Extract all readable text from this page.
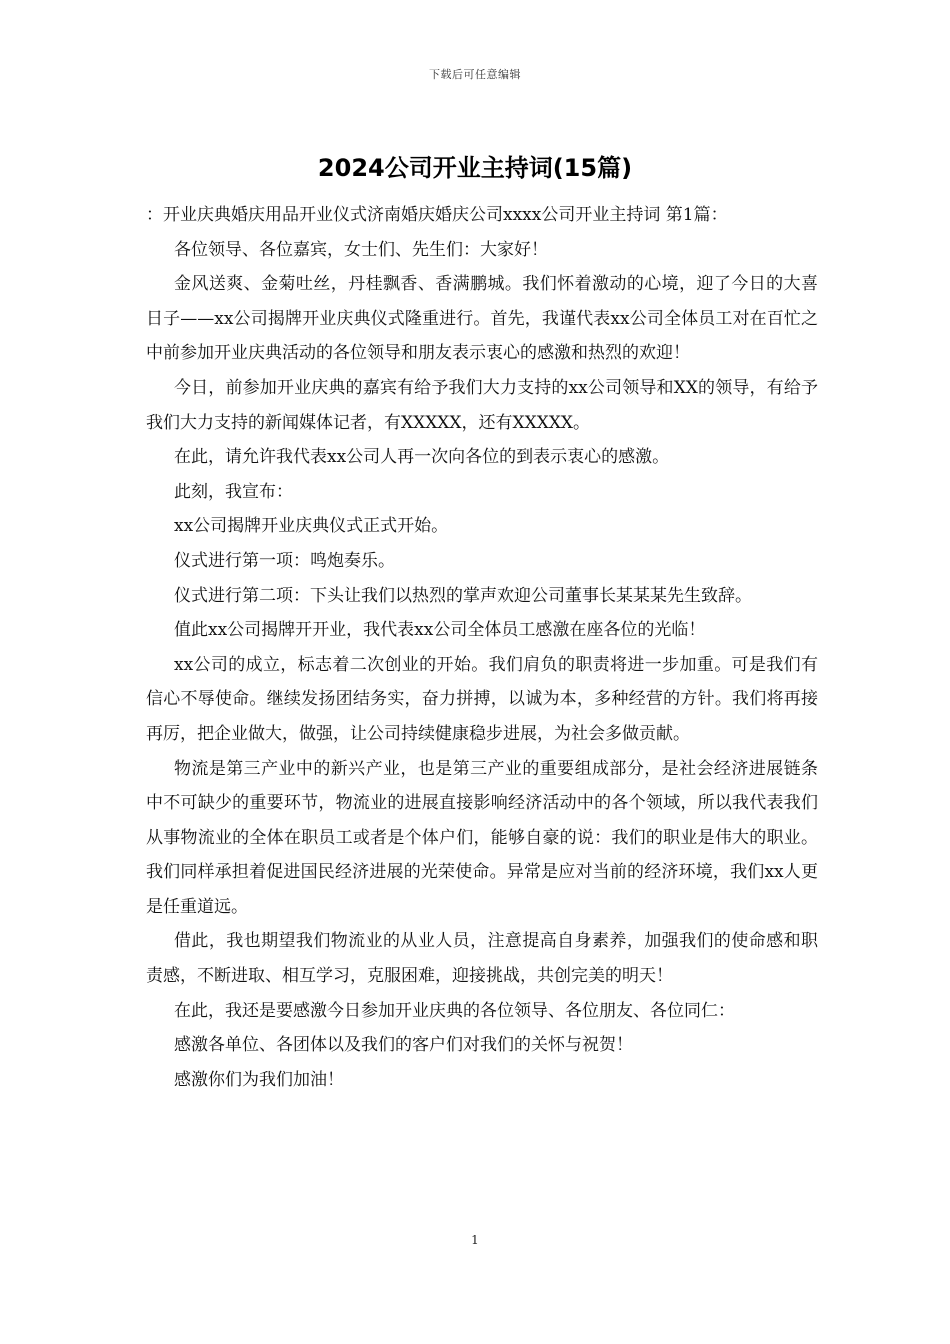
下载后可任意编辑
2024公司开业主持词(15篇)

：开业庆典婚庆用品开业仪式济南婚庆婚庆公司xxxx公司开业主持词 第1篇：

各位领导、各位嘉宾，女士们、先生们：大家好！

金风送爽、金菊吐丝，丹桂飘香、香满鹏城。我们怀着激动的心境，迎了今日的大喜日子——xx公司揭牌开业庆典仪式隆重进行。首先，我谨代表xx公司全体员工对在百忙之中前参加开业庆典活动的各位领导和朋友表示衷心的感激和热烈的欢迎！

今日，前参加开业庆典的嘉宾有给予我们大力支持的xx公司领导和XX的领导，有给予我们大力支持的新闻媒体记者，有XXXXX，还有XXXXX。

在此，请允许我代表xx公司人再一次向各位的到表示衷心的感激。

此刻，我宣布：

xx公司揭牌开业庆典仪式正式开始。

仪式进行第一项：鸣炮奏乐。

仪式进行第二项：下头让我们以热烈的掌声欢迎公司董事长某某某先生致辞。

值此xx公司揭牌开开业，我代表xx公司全体员工感激在座各位的光临！

xx公司的成立，标志着二次创业的开始。我们肩负的职责将进一步加重。可是我们有信心不辱使命。继续发扬团结务实，奋力拼搏，以诚为本，多种经营的方针。我们将再接再厉，把企业做大，做强，让公司持续健康稳步进展，为社会多做贡献。

物流是第三产业中的新兴产业，也是第三产业的重要组成部分，是社会经济进展链条中不可缺少的重要环节，物流业的进展直接影响经济活动中的各个领域，所以我代表我们从事物流业的全体在职员工或者是个体户们，能够自豪的说：我们的职业是伟大的职业。我们同样承担着促进国民经济进展的光荣使命。异常是应对当前的经济环境，我们xx人更是任重道远。

借此，我也期望我们物流业的从业人员，注意提高自身素养，加强我们的使命感和职责感，不断进取、相互学习，克服困难，迎接挑战，共创完美的明天！

在此，我还是要感激今日参加开业庆典的各位领导、各位朋友、各位同仁：

感激各单位、各团体以及我们的客户们对我们的关怀与祝贺！

感激你们为我们加油！

1
